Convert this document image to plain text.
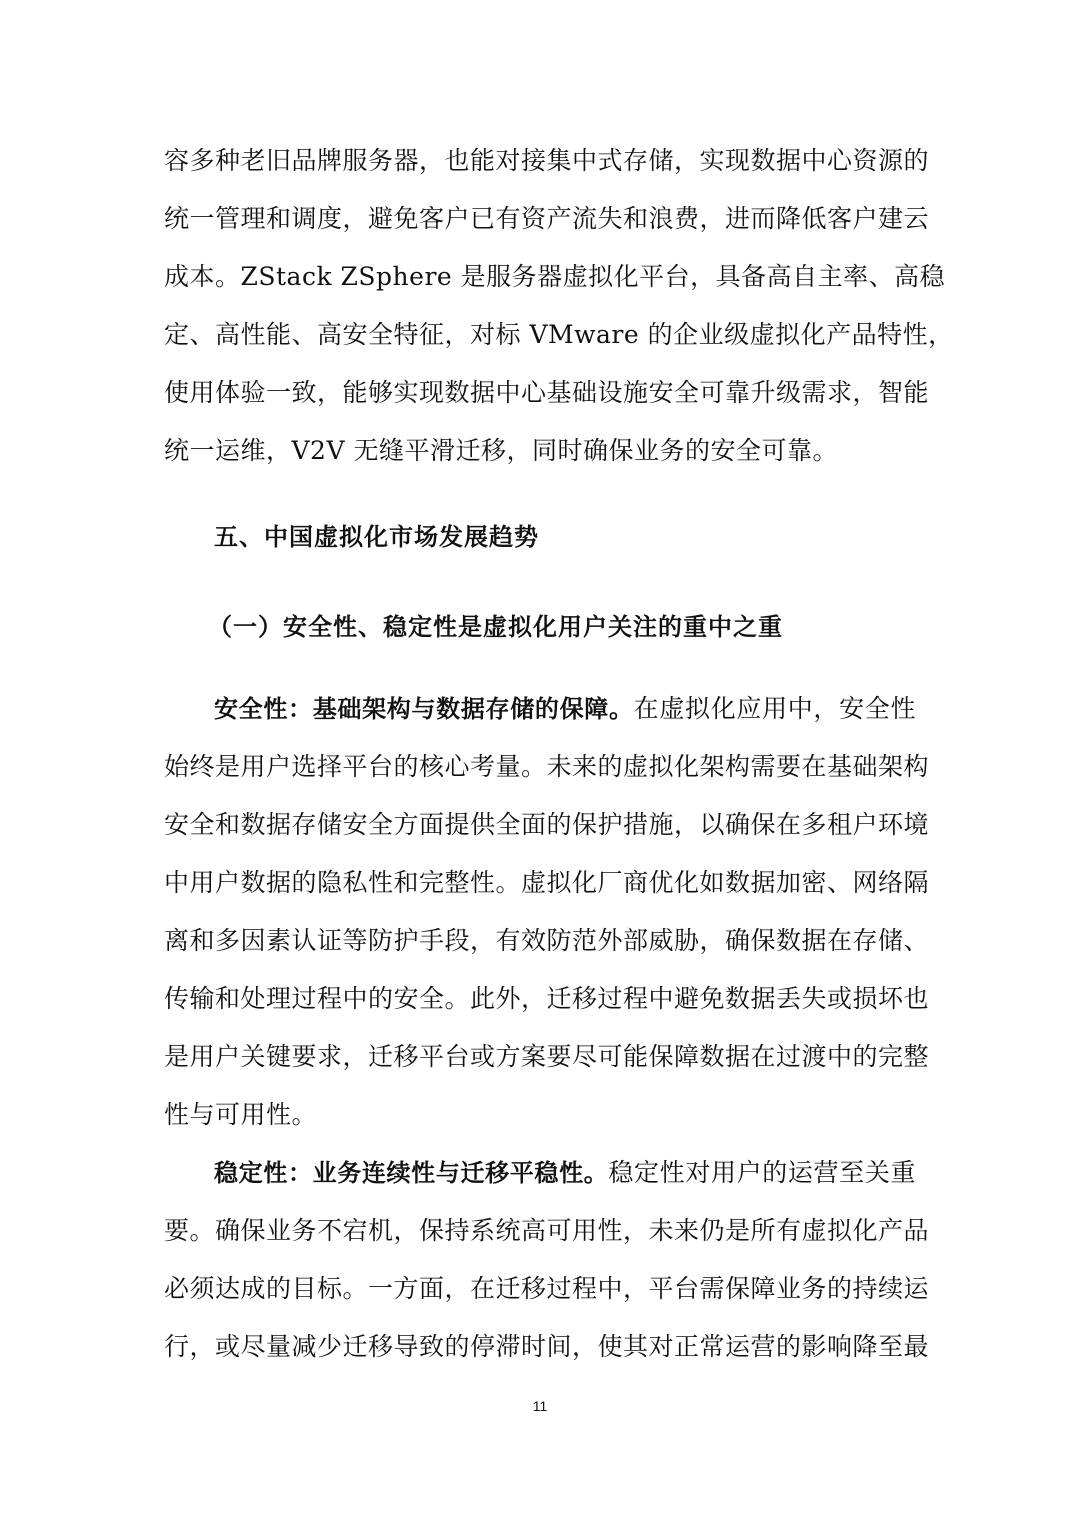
容多种老旧品牌服务器，也能对接集中式存储，实现数据中心资源的
统一管理和调度，避免客户已有资产流失和浪费，进而降低客户建云
成本。ZStack ZSphere 是服务器虚拟化平台，具备高自主率、高稳
定、高性能、高安全特征，对标 VMware 的企业级虚拟化产品特性，
使用体验一致，能够实现数据中心基础设施安全可靠升级需求，智能
统一运维，V2V 无缝平滑迁移，同时确保业务的安全可靠。
五、中国虚拟化市场发展趋势
（一）安全性、稳定性是虚拟化用户关注的重中之重
安全性：基础架构与数据存储的保障。在虚拟化应用中，安全性
始终是用户选择平台的核心考量。未来的虚拟化架构需要在基础架构
安全和数据存储安全方面提供全面的保护措施，以确保在多租户环境
中用户数据的隐私性和完整性。虚拟化厂商优化如数据加密、网络隔
离和多因素认证等防护手段，有效防范外部威胁，确保数据在存储、
传输和处理过程中的安全。此外，迁移过程中避免数据丢失或损坏也
是用户关键要求，迁移平台或方案要尽可能保障数据在过渡中的完整
性与可用性。
稳定性：业务连续性与迁移平稳性。稳定性对用户的运营至关重
要。确保业务不宕机，保持系统高可用性，未来仍是所有虚拟化产品
必须达成的目标。一方面，在迁移过程中，平台需保障业务的持续运
行，或尽量减少迁移导致的停滞时间，使其对正常运营的影响降至最
11
